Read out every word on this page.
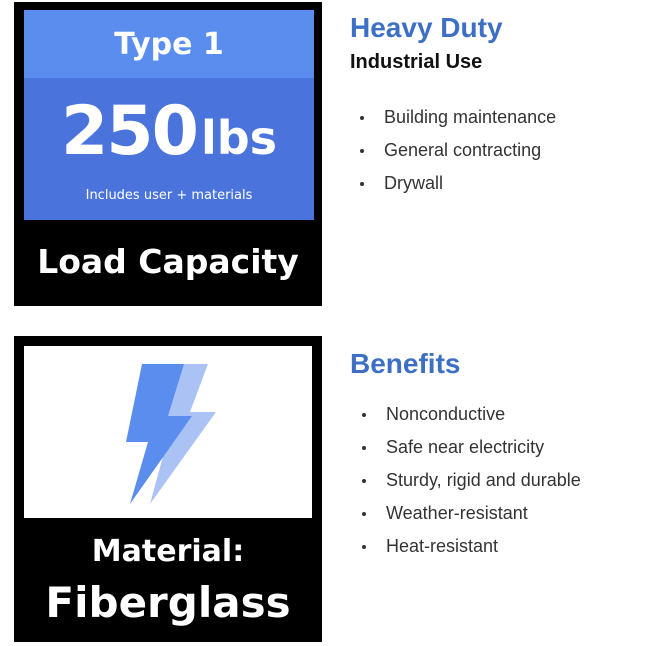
Type 1
250lbs
Includes user + materials
Load Capacity
Material:
Fiberglass
Heavy Duty
Industrial Use
Building maintenance
General contracting
Drywall
Benefits
Nonconductive
Safe near electricity
Sturdy, rigid and durable
Weather-resistant
Heat-resistant
